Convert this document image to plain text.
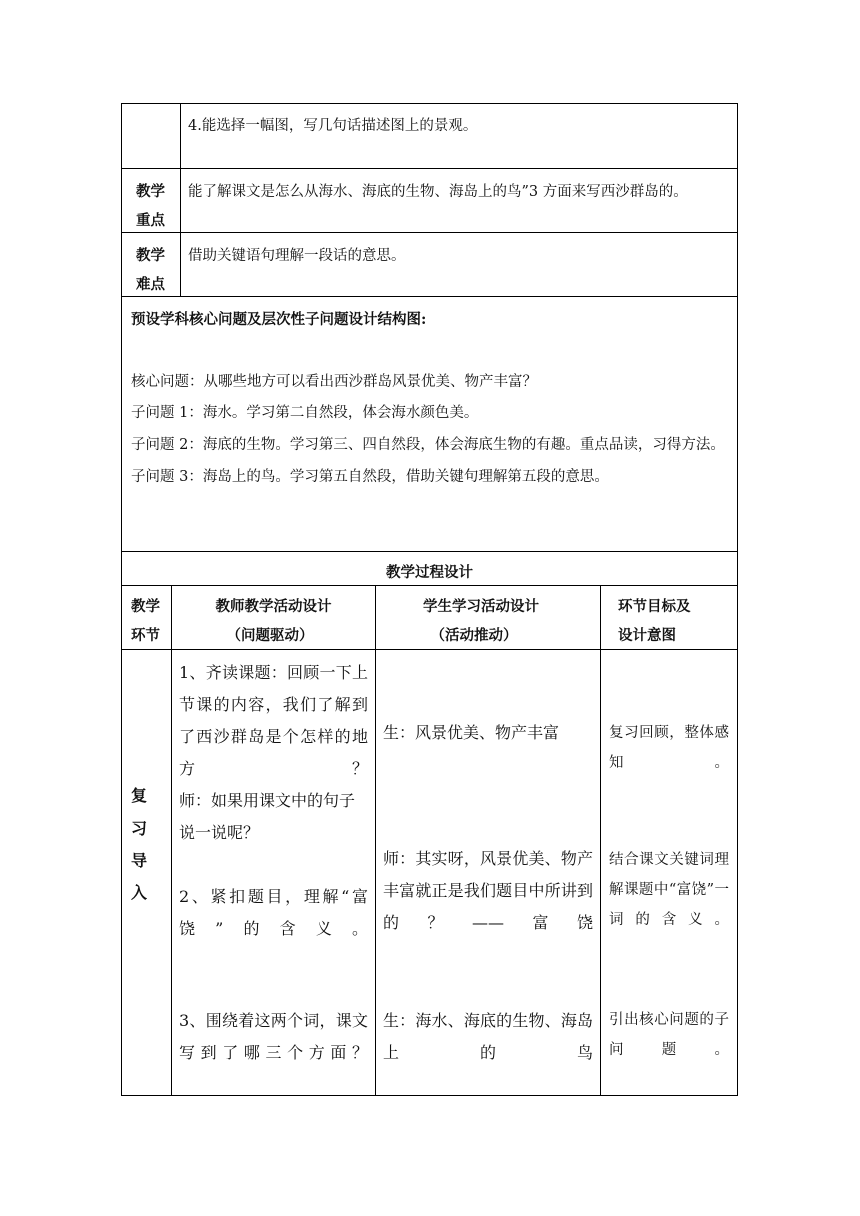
4.能选择一幅图，写几句话描述图上的景观。
教学
重点
能了解课文是怎么从海水、海底的生物、海岛上的鸟”3 方面来写西沙群岛的。
教学
难点
借助关键语句理解一段话的意思。
预设学科核心问题及层次性子问题设计结构图:
核心问题：从哪些地方可以看出西沙群岛风景优美、物产丰富？
子问题 1：海水。学习第二自然段，体会海水颜色美。
子问题 2：海底的生物。学习第三、四自然段，体会海底生物的有趣。重点品读，习得方法。
子问题 3：海岛上的鸟。学习第五自然段，借助关键句理解第五段的意思。
教学过程设计
教学
环节
教师教学活动设计
（问题驱动）
学生学习活动设计
（活动推动）
环节目标及
设计意图
复
习
导
入
1、齐读课题：回顾一下上节课的内容，我们了解到了西沙群岛是个怎样的地方？
师：如果用课文中的句子说一说呢？
2、紧扣题目，理解“富饶”的含义。
3、围绕着这两个词，课文写到了哪三个方面？
生：风景优美、物产丰富
师：其实呀，风景优美、物产丰富就正是我们题目中所讲到的？——富饶
生：海水、海底的生物、海岛上的鸟
复习回顾，整体感知。
结合课文关键词理解课题中“富饶”一词的含义。
引出核心问题的子问题。
